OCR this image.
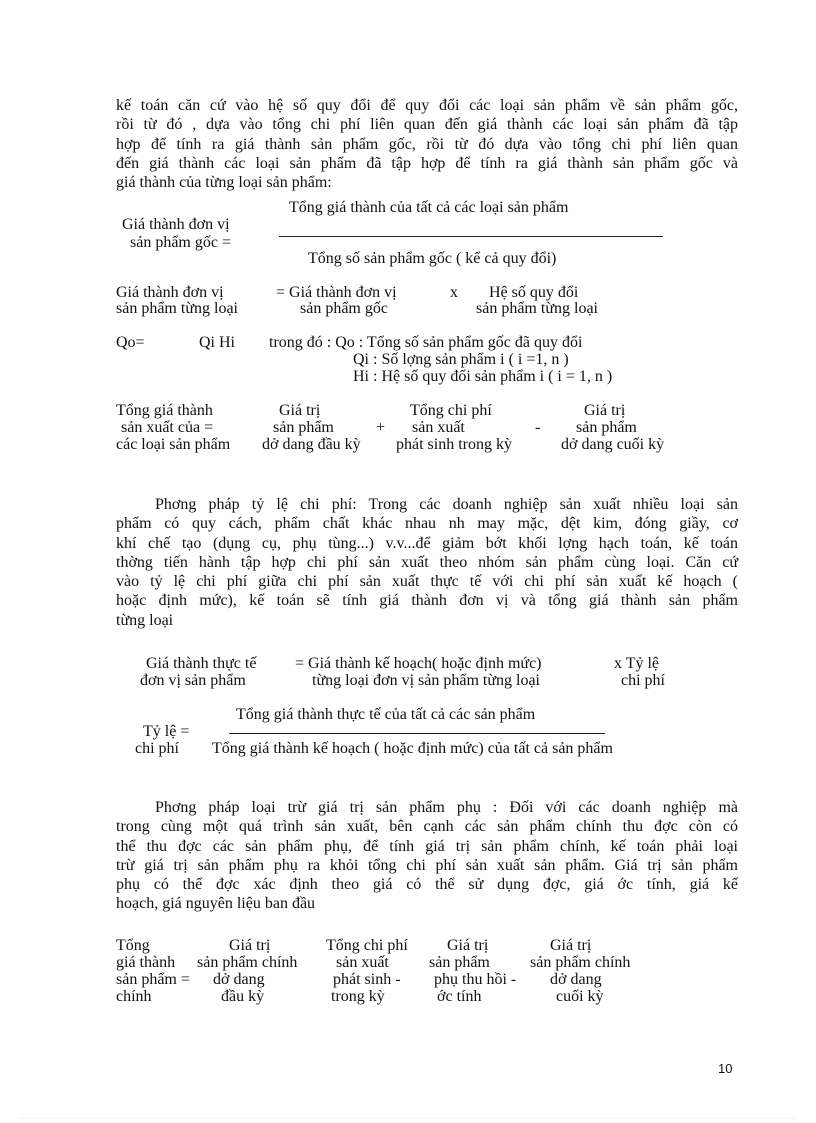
kế toán căn cứ vào hệ số quy đổi để quy đổi các loại sản phẩm về sản phẩm gốc,
rồi từ đó , dựa vào tổng chi phí liên quan đến giá thành các loại sản phẩm đã tập
hợp để tính ra giá thành sản phẩm gốc, rồi từ đó dựa vào tổng chi phí liên quan
đến giá thành các loại sản phẩm đã tập hợp để tính ra giá thành sản phẩm gốc và
giá thành của từng loại sản phẩm:
Tổng giá thành của tất cả các loại sản phẩm
Giá thành đơn vị
sản phẩm gốc =
Tổng số sản phẩm gốc ( kể cả quy đổi)
Giá thành đơn vị
sản phẩm từng loại
= Giá thành đơn vị
sản phẩm gốc
x Hệ số quy đổi
sản phẩm từng loại
Qo=	Qi Hi trong đó : Qo : Tổng số sản phẩm gốc đã quy đổi
Qi : Số lợng sản phẩm i ( i =1, n )
Hi : Hệ số quy đổi sản phẩm i ( i = 1, n )
Tổng giá thành
sản xuất của =
các loại sản phẩm
Giá trị
sản phẩm
dở dang đầu kỳ
+
Tổng chi phí
sản xuất
phát sinh trong kỳ
-
Giá trị
sản phẩm
dở dang cuối kỳ
Phơng pháp tỷ lệ chi phí: Trong các doanh nghiệp sản xuất nhiều loại sản
phẩm có quy cách, phẩm chất khác nhau nh may mặc, dệt kim, đóng giầy, cơ
khí chế tạo (dụng cụ, phụ tùng...) v.v...để giảm bớt khối lợng hạch toán, kế toán
thờng tiến hành tập hợp chi phí sản xuất theo nhóm sản phẩm cùng loại. Căn cứ
vào tỷ lệ chi phí giữa chi phí sản xuất thực tế với chi phí sản xuất kế hoạch (
hoặc định mức), kế toán sẽ tính giá thành đơn vị và tổng giá thành sản phẩm
từng loại
Giá thành thực tế = Giá thành kế hoạch( hoặc định mức)	x Tỷ lệ
đơn vị sản phẩm	từng loại đơn vị sản phẩm từng loại	chi phí
Tổng giá thành thực tế của tất cả các sản phẩm
Tỷ lệ =
chi phí Tổng giá thành kế hoạch ( hoặc định mức) của tất cả sản phẩm
Phơng pháp loại trừ giá trị sản phẩm phụ : Đối với các doanh nghiệp mà
trong cùng một quá trình sản xuất, bên cạnh các sản phẩm chính thu đợc còn có
thể thu đợc các sản phẩm phụ, để tính giá trị sản phẩm chính, kế toán phải loại
trừ giá trị sản phẩm phụ ra khỏi tổng chi phí sản xuất sản phẩm. Giá trị sản phẩm
phụ có thể đợc xác định theo giá có thể sử dụng đợc, giá ớc tính, giá kế
hoạch, giá nguyên liệu ban đầu
Tổng
giá thành
sản phẩm =
chính
Giá trị
sản phẩm chính
dở dang
đầu kỳ
Tổng chi phí
sản xuất
phát sinh -
trong kỳ
Giá trị
sản phẩm
phụ thu hồi -
ớc tính
Giá trị
sản phẩm chính
dở dang
cuối kỳ
10
